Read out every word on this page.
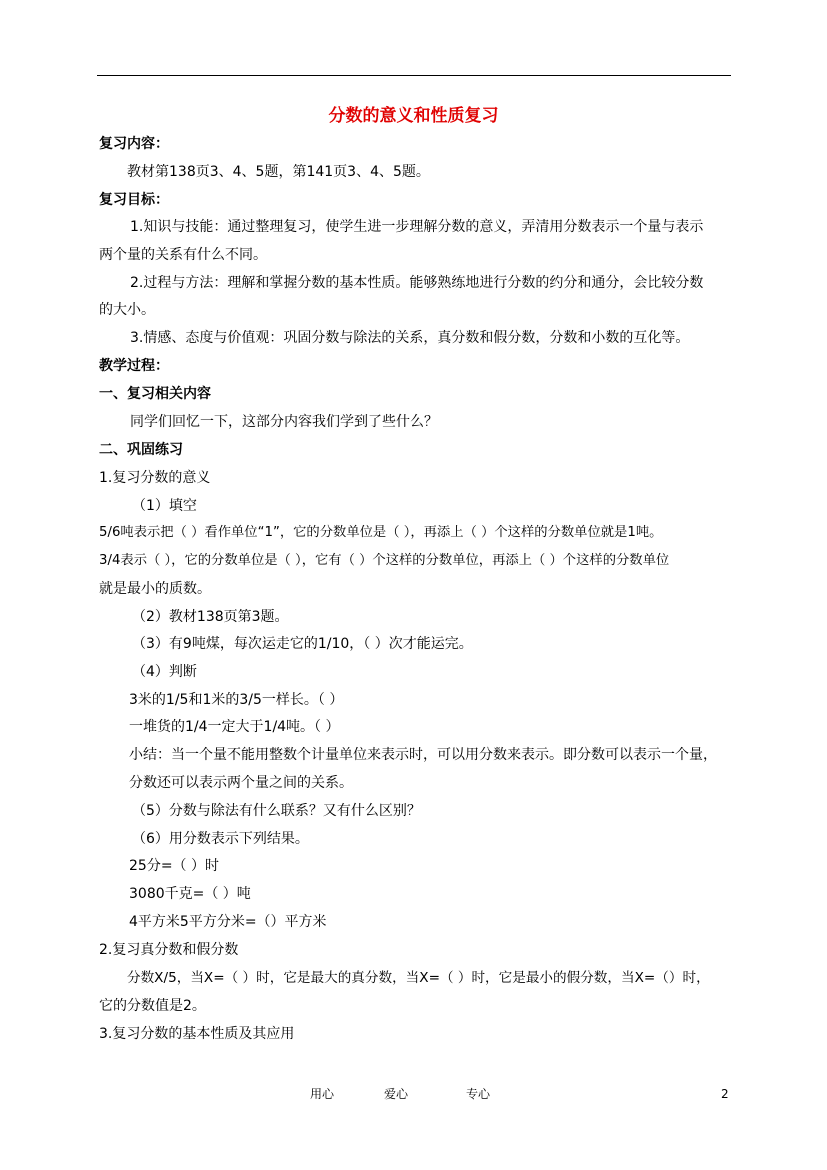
分数的意义和性质复习
复习内容：
教材第138页3、4、5题，第141页3、4、5题。
复习目标：
1.知识与技能：通过整理复习，使学生进一步理解分数的意义，弄清用分数表示一个量与表示
两个量的关系有什么不同。
2.过程与方法：理解和掌握分数的基本性质。能够熟练地进行分数的约分和通分，会比较分数
的大小。
3.情感、态度与价值观：巩固分数与除法的关系，真分数和假分数，分数和小数的互化等。
教学过程：
一、复习相关内容
同学们回忆一下，这部分内容我们学到了些什么？
二、巩固练习
1.复习分数的意义
（1）填空
5/6吨表示把（ ）看作单位“1”，它的分数单位是（ ），再添上（ ）个这样的分数单位就是1吨。
3/4表示（ ），它的分数单位是（ ），它有（ ）个这样的分数单位，再添上（ ）个这样的分数单位
就是最小的质数。
（2）教材138页第3题。
（3）有9吨煤，每次运走它的1/10，（ ）次才能运完。
（4）判断
3米的1/5和1米的3/5一样长。（ ）
一堆货的1/4一定大于1/4吨。（ ）
小结：当一个量不能用整数个计量单位来表示时，可以用分数来表示。即分数可以表示一个量，
分数还可以表示两个量之间的关系。
（5）分数与除法有什么联系？又有什么区别？
（6）用分数表示下列结果。
25分=（ ）时
3080千克=（ ）吨
4平方米5平方分米=（）平方米
2.复习真分数和假分数
分数X/5，当X=（ ）时，它是最大的真分数，当X=（ ）时，它是最小的假分数，当X=（）时，
它的分数值是2。
3.复习分数的基本性质及其应用
用心	爱心	专心	2
